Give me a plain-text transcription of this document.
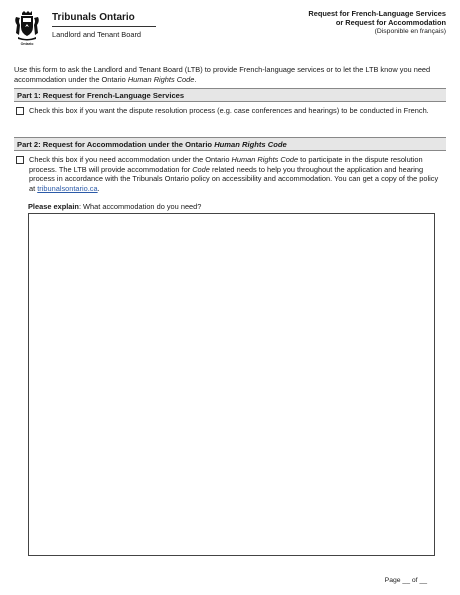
Ontario
Tribunals Ontario
Landlord and Tenant Board
Request for French-Language Services
or Request for Accommodation
(Disponible en français)

Use this form to ask the Landlord and Tenant Board (LTB) to provide French-language services or to let the LTB know you need accommodation under the Ontario Human Rights Code.

Part 1: Request for French-Language Services
Check this box if you want the dispute resolution process (e.g. case conferences and hearings) to be conducted in French.
Part 2: Request for Accommodation under the Ontario Human Rights Code

Check this box if you need accommodation under the Ontario Human Rights Code to participate in the dispute resolution process. The LTB will provide accommodation for Code related needs to help you throughout the application and hearing process in accordance with the Tribunals Ontario policy on accessibility and accommodation. You can get a copy of the policy at tribunalsontario.ca.

Please explain: What accommodation do you need?

Page __ of __
